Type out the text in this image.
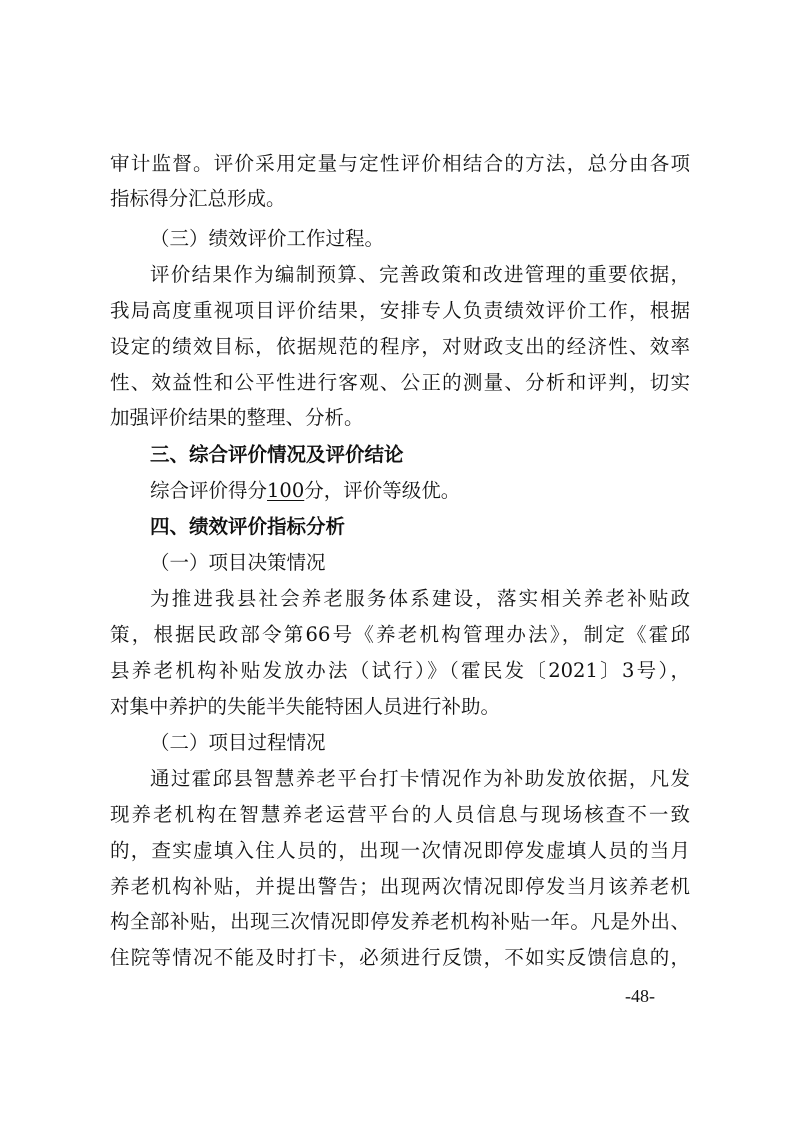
审计监督。评价采用定量与定性评价相结合的方法，总分由各项
指标得分汇总形成。
（三）绩效评价工作过程。
评价结果作为编制预算、完善政策和改进管理的重要依据，
我局高度重视项目评价结果，安排专人负责绩效评价工作，根据
设定的绩效目标，依据规范的程序，对财政支出的经济性、效率
性、效益性和公平性进行客观、公正的测量、分析和评判，切实
加强评价结果的整理、分析。
三、综合评价情况及评价结论
综合评价得分100分，评价等级优。
四、绩效评价指标分析
（一）项目决策情况
为推进我县社会养老服务体系建设，落实相关养老补贴政
策，根据民政部令第66号《养老机构管理办法》，制定《霍邱
县养老机构补贴发放办法（试行）》（霍民发〔2021〕3号），
对集中养护的失能半失能特困人员进行补助。
（二）项目过程情况
通过霍邱县智慧养老平台打卡情况作为补助发放依据，凡发
现养老机构在智慧养老运营平台的人员信息与现场核查不一致
的，查实虚填入住人员的，出现一次情况即停发虚填人员的当月
养老机构补贴，并提出警告；出现两次情况即停发当月该养老机
构全部补贴，出现三次情况即停发养老机构补贴一年。凡是外出、
住院等情况不能及时打卡，必须进行反馈，不如实反馈信息的，
-48-
